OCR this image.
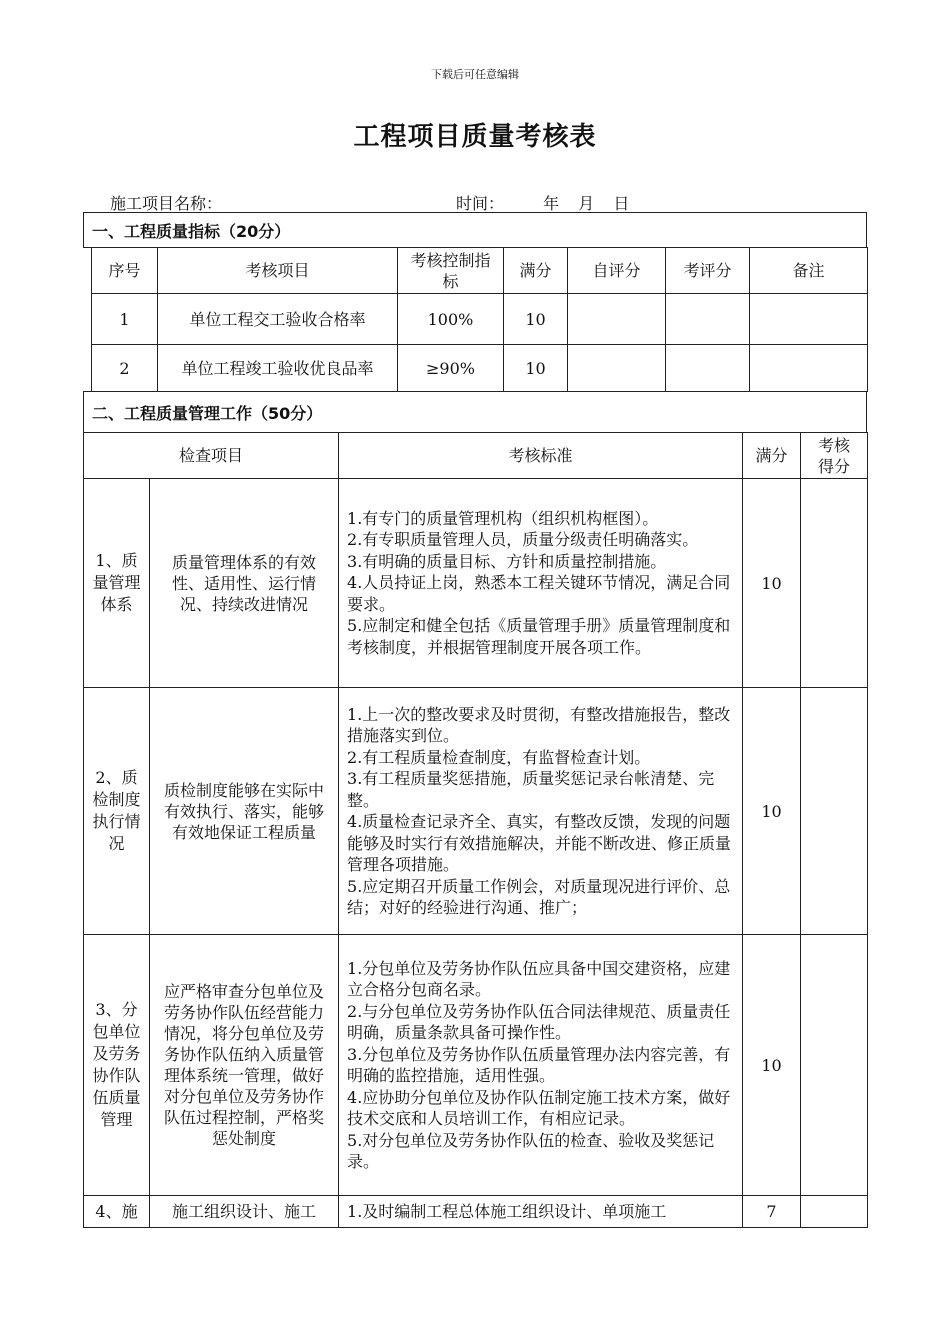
下载后可任意编辑
工程项目质量考核表
施工项目名称：	时间： 年 月 日
一、工程质量指标（20分）
序号	考核项目	考核控制指标	满分	自评分	考评分	备注
1	单位工程交工验收合格率	100%	10			
2	单位工程竣工验收优良品率	≥90%	10			
二、工程质量管理工作（50分）
检查项目		考核标准	满分	考核得分
1、质量管理体系	质量管理体系的有效性、适用性、运行情况、持续改进情况	1.有专门的质量管理机构（组织机构框图）。
2.有专职质量管理人员，质量分级责任明确落实。
3.有明确的质量目标、方针和质量控制措施。
4.人员持证上岗，熟悉本工程关键环节情况，满足合同要求。
5.应制定和健全包括《质量管理手册》质量管理制度和考核制度，并根据管理制度开展各项工作。	10	
2、质检制度执行情况	质检制度能够在实际中有效执行、落实，能够有效地保证工程质量	1.上一次的整改要求及时贯彻，有整改措施报告，整改措施落实到位。
2.有工程质量检查制度，有监督检查计划。
3.有工程质量奖惩措施，质量奖惩记录台帐清楚、完整。
4.质量检查记录齐全、真实，有整改反馈，发现的问题能够及时实行有效措施解决，并能不断改进、修正质量管理各项措施。
5.应定期召开质量工作例会，对质量现况进行评价、总结；对好的经验进行沟通、推广；	10	
3、分包单位及劳务协作队伍质量管理	应严格审查分包单位及劳务协作队伍经营能力情况，将分包单位及劳务协作队伍纳入质量管理体系统一管理，做好对分包单位及劳务协作队伍过程控制，严格奖惩处制度	1.分包单位及劳务协作队伍应具备中国交建资格，应建立合格分包商名录。
2.与分包单位及劳务协作队伍合同法律规范、质量责任明确，质量条款具备可操作性。
3.分包单位及劳务协作队伍质量管理办法内容完善，有明确的监控措施，适用性强。
4.应协助分包单位及协作队伍制定施工技术方案，做好技术交底和人员培训工作，有相应记录。
5.对分包单位及劳务协作队伍的检查、验收及奖惩记录。	10	
4、施	施工组织设计、施工	1.及时编制工程总体施工组织设计、单项施工	7	
